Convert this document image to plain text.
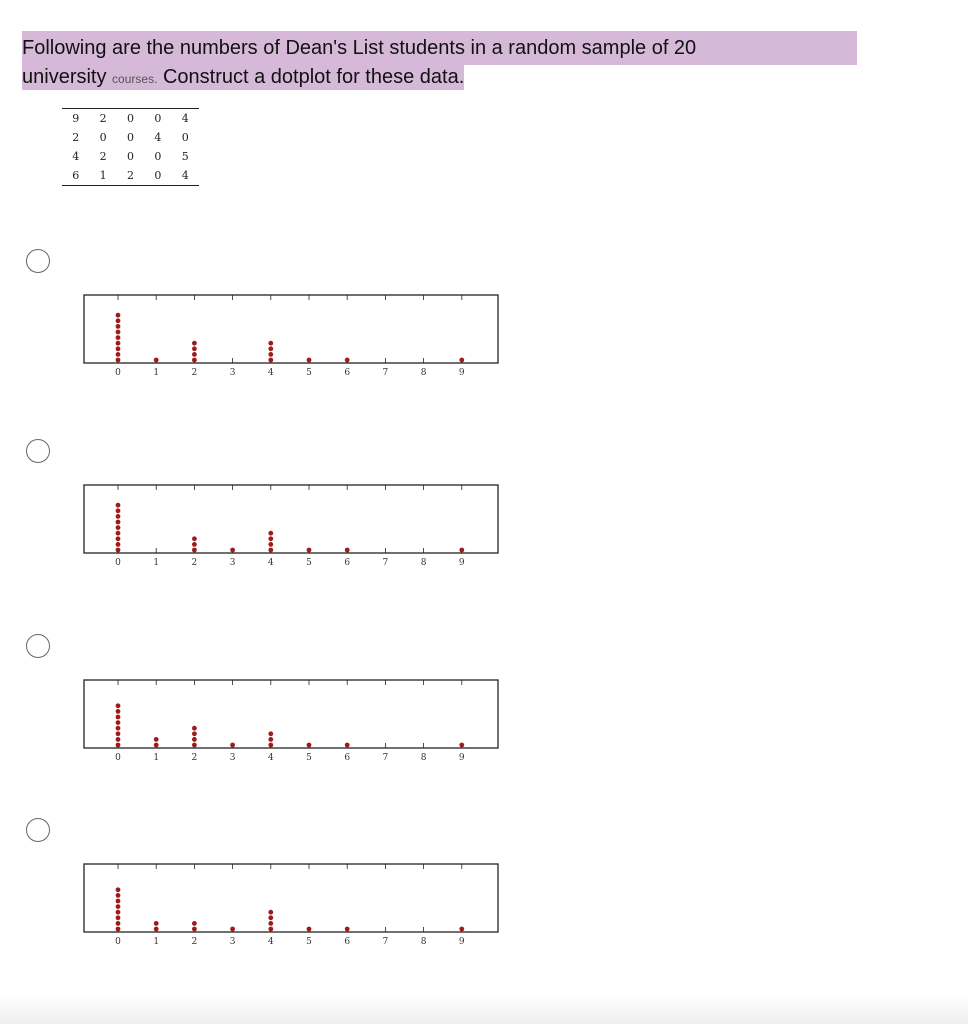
Following are the numbers of Dean's List students in a random sample of 20
university courses. Construct a dotplot for these data.
9	2	0	0	4
2	0	0	4	0
4	2	0	0	5
6	1	2	0	4
0	1	2	3	4	5	6	7	8	9
0	1	2	3	4	5	6	7	8	9
0	1	2	3	4	5	6	7	8	9
0	1	2	3	4	5	6	7	8	9
